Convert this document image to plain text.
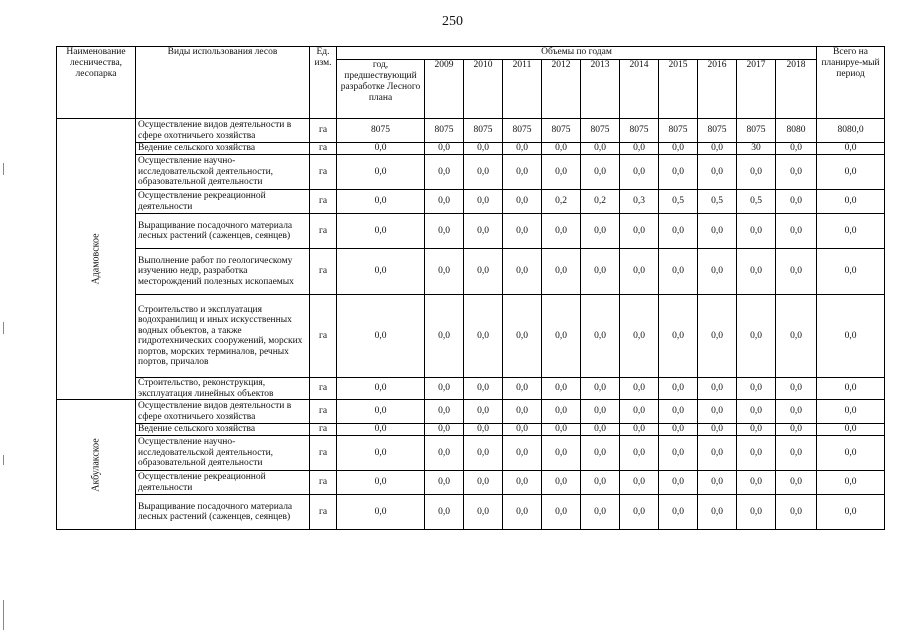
250
Наименование лесничества, лесопарка	Виды использования лесов	Ед. изм.	Объемы по годам											Всего на планируе-мый период
			год, предшествующий разработке Лесного плана	2009	2010	2011	2012	2013	2014	2015	2016	2017	2018	

Адамовское	Осуществление видов деятельности в сфере охотничьего хозяйства	га	8075	8075	8075	8075	8075	8075	8075	8075	8075	8075	8080	8080,0
	Ведение сельского хозяйства	га	0,0	0,0	0,0	0,0	0,0	0,0	0,0	0,0	0,0	30	0,0	0,0
	Осуществление научно-исследовательской деятельности, образовательной деятельности	га	0,0	0,0	0,0	0,0	0,0	0,0	0,0	0,0	0,0	0,0	0,0	0,0
	Осуществление рекреационной деятельности	га	0,0	0,0	0,0	0,0	0,2	0,2	0,3	0,5	0,5	0,5	0,0	0,0
	Выращивание посадочного материала лесных растений (саженцев, сеянцев)	га	0,0	0,0	0,0	0,0	0,0	0,0	0,0	0,0	0,0	0,0	0,0	0,0
	Выполнение работ по геологическому изучению недр, разработка месторождений полезных ископаемых	га	0,0	0,0	0,0	0,0	0,0	0,0	0,0	0,0	0,0	0,0	0,0	0,0
	Строительство и эксплуатация водохранилищ и иных искусственных водных объектов, а также гидротехнических сооружений, морских портов, морских терминалов, речных портов, причалов	га	0,0	0,0	0,0	0,0	0,0	0,0	0,0	0,0	0,0	0,0	0,0	0,0
	Строительство, реконструкция, эксплуатация линейных объектов	га	0,0	0,0	0,0	0,0	0,0	0,0	0,0	0,0	0,0	0,0	0,0	0,0

Акбулакское	Осуществление видов деятельности в сфере охотничьего хозяйства	га	0,0	0,0	0,0	0,0	0,0	0,0	0,0	0,0	0,0	0,0	0,0	0,0
	Ведение сельского хозяйства	га	0,0	0,0	0,0	0,0	0,0	0,0	0,0	0,0	0,0	0,0	0,0	0,0
	Осуществление научно-исследовательской деятельности, образовательной деятельности	га	0,0	0,0	0,0	0,0	0,0	0,0	0,0	0,0	0,0	0,0	0,0	0,0
	Осуществление рекреационной деятельности	га	0,0	0,0	0,0	0,0	0,0	0,0	0,0	0,0	0,0	0,0	0,0	0,0
	Выращивание посадочного материала лесных растений (саженцев, сеянцев)	га	0,0	0,0	0,0	0,0	0,0	0,0	0,0	0,0	0,0	0,0	0,0	0,0
